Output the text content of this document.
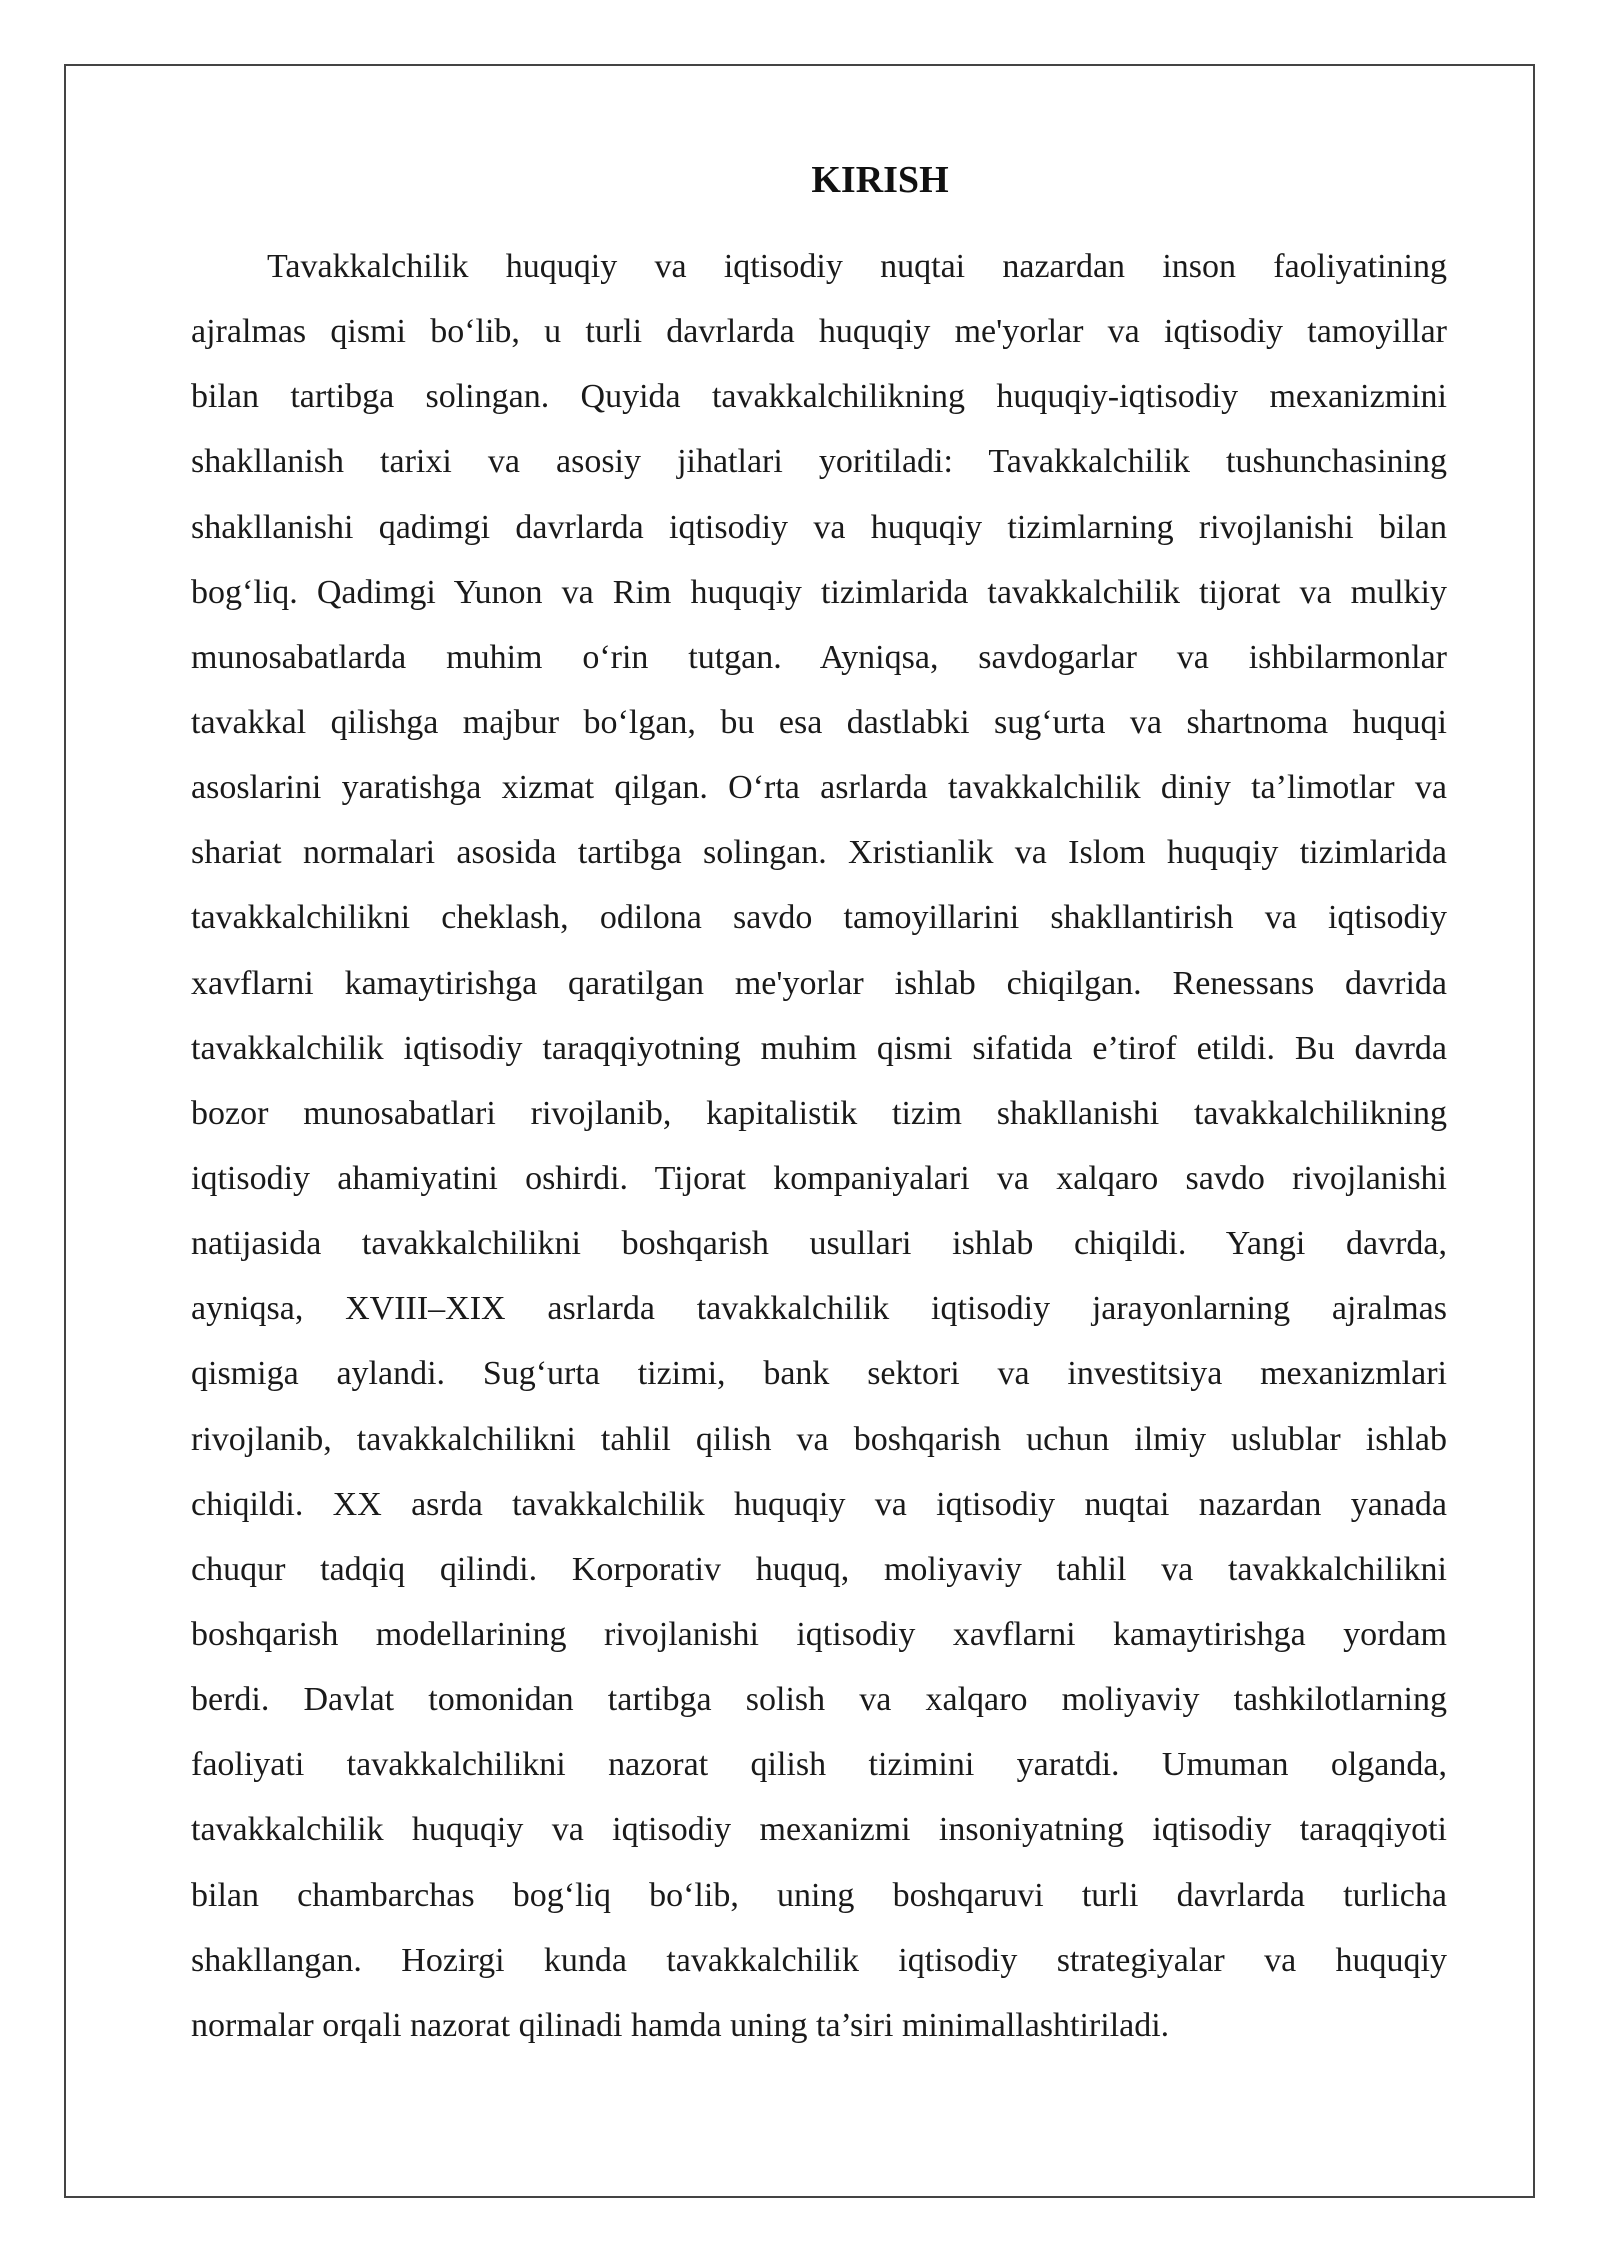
KIRISH
Tavakkalchilik huquqiy va iqtisodiy nuqtai nazardan inson faoliyatining
ajralmas qismi bo‘lib, u turli davrlarda huquqiy me'yorlar va iqtisodiy tamoyillar
bilan tartibga solingan. Quyida tavakkalchilikning huquqiy-iqtisodiy mexanizmini
shakllanish tarixi va asosiy jihatlari yoritiladi: Tavakkalchilik tushunchasining
shakllanishi qadimgi davrlarda iqtisodiy va huquqiy tizimlarning rivojlanishi bilan
bog‘liq. Qadimgi Yunon va Rim huquqiy tizimlarida tavakkalchilik tijorat va mulkiy
munosabatlarda muhim o‘rin tutgan. Ayniqsa, savdogarlar va ishbilarmonlar
tavakkal qilishga majbur bo‘lgan, bu esa dastlabki sug‘urta va shartnoma huquqi
asoslarini yaratishga xizmat qilgan. O‘rta asrlarda tavakkalchilik diniy ta’limotlar va
shariat normalari asosida tartibga solingan. Xristianlik va Islom huquqiy tizimlarida
tavakkalchilikni cheklash, odilona savdo tamoyillarini shakllantirish va iqtisodiy
xavflarni kamaytirishga qaratilgan me'yorlar ishlab chiqilgan. Renessans davrida
tavakkalchilik iqtisodiy taraqqiyotning muhim qismi sifatida e’tirof etildi. Bu davrda
bozor munosabatlari rivojlanib, kapitalistik tizim shakllanishi tavakkalchilikning
iqtisodiy ahamiyatini oshirdi. Tijorat kompaniyalari va xalqaro savdo rivojlanishi
natijasida tavakkalchilikni boshqarish usullari ishlab chiqildi. Yangi davrda,
ayniqsa, XVIII–XIX asrlarda tavakkalchilik iqtisodiy jarayonlarning ajralmas
qismiga aylandi. Sug‘urta tizimi, bank sektori va investitsiya mexanizmlari
rivojlanib, tavakkalchilikni tahlil qilish va boshqarish uchun ilmiy uslublar ishlab
chiqildi. XX asrda tavakkalchilik huquqiy va iqtisodiy nuqtai nazardan yanada
chuqur tadqiq qilindi. Korporativ huquq, moliyaviy tahlil va tavakkalchilikni
boshqarish modellarining rivojlanishi iqtisodiy xavflarni kamaytirishga yordam
berdi. Davlat tomonidan tartibga solish va xalqaro moliyaviy tashkilotlarning
faoliyati tavakkalchilikni nazorat qilish tizimini yaratdi. Umuman olganda,
tavakkalchilik huquqiy va iqtisodiy mexanizmi insoniyatning iqtisodiy taraqqiyoti
bilan chambarchas bog‘liq bo‘lib, uning boshqaruvi turli davrlarda turlicha
shakllangan. Hozirgi kunda tavakkalchilik iqtisodiy strategiyalar va huquqiy
normalar orqali nazorat qilinadi hamda uning ta’siri minimallashtiriladi.
